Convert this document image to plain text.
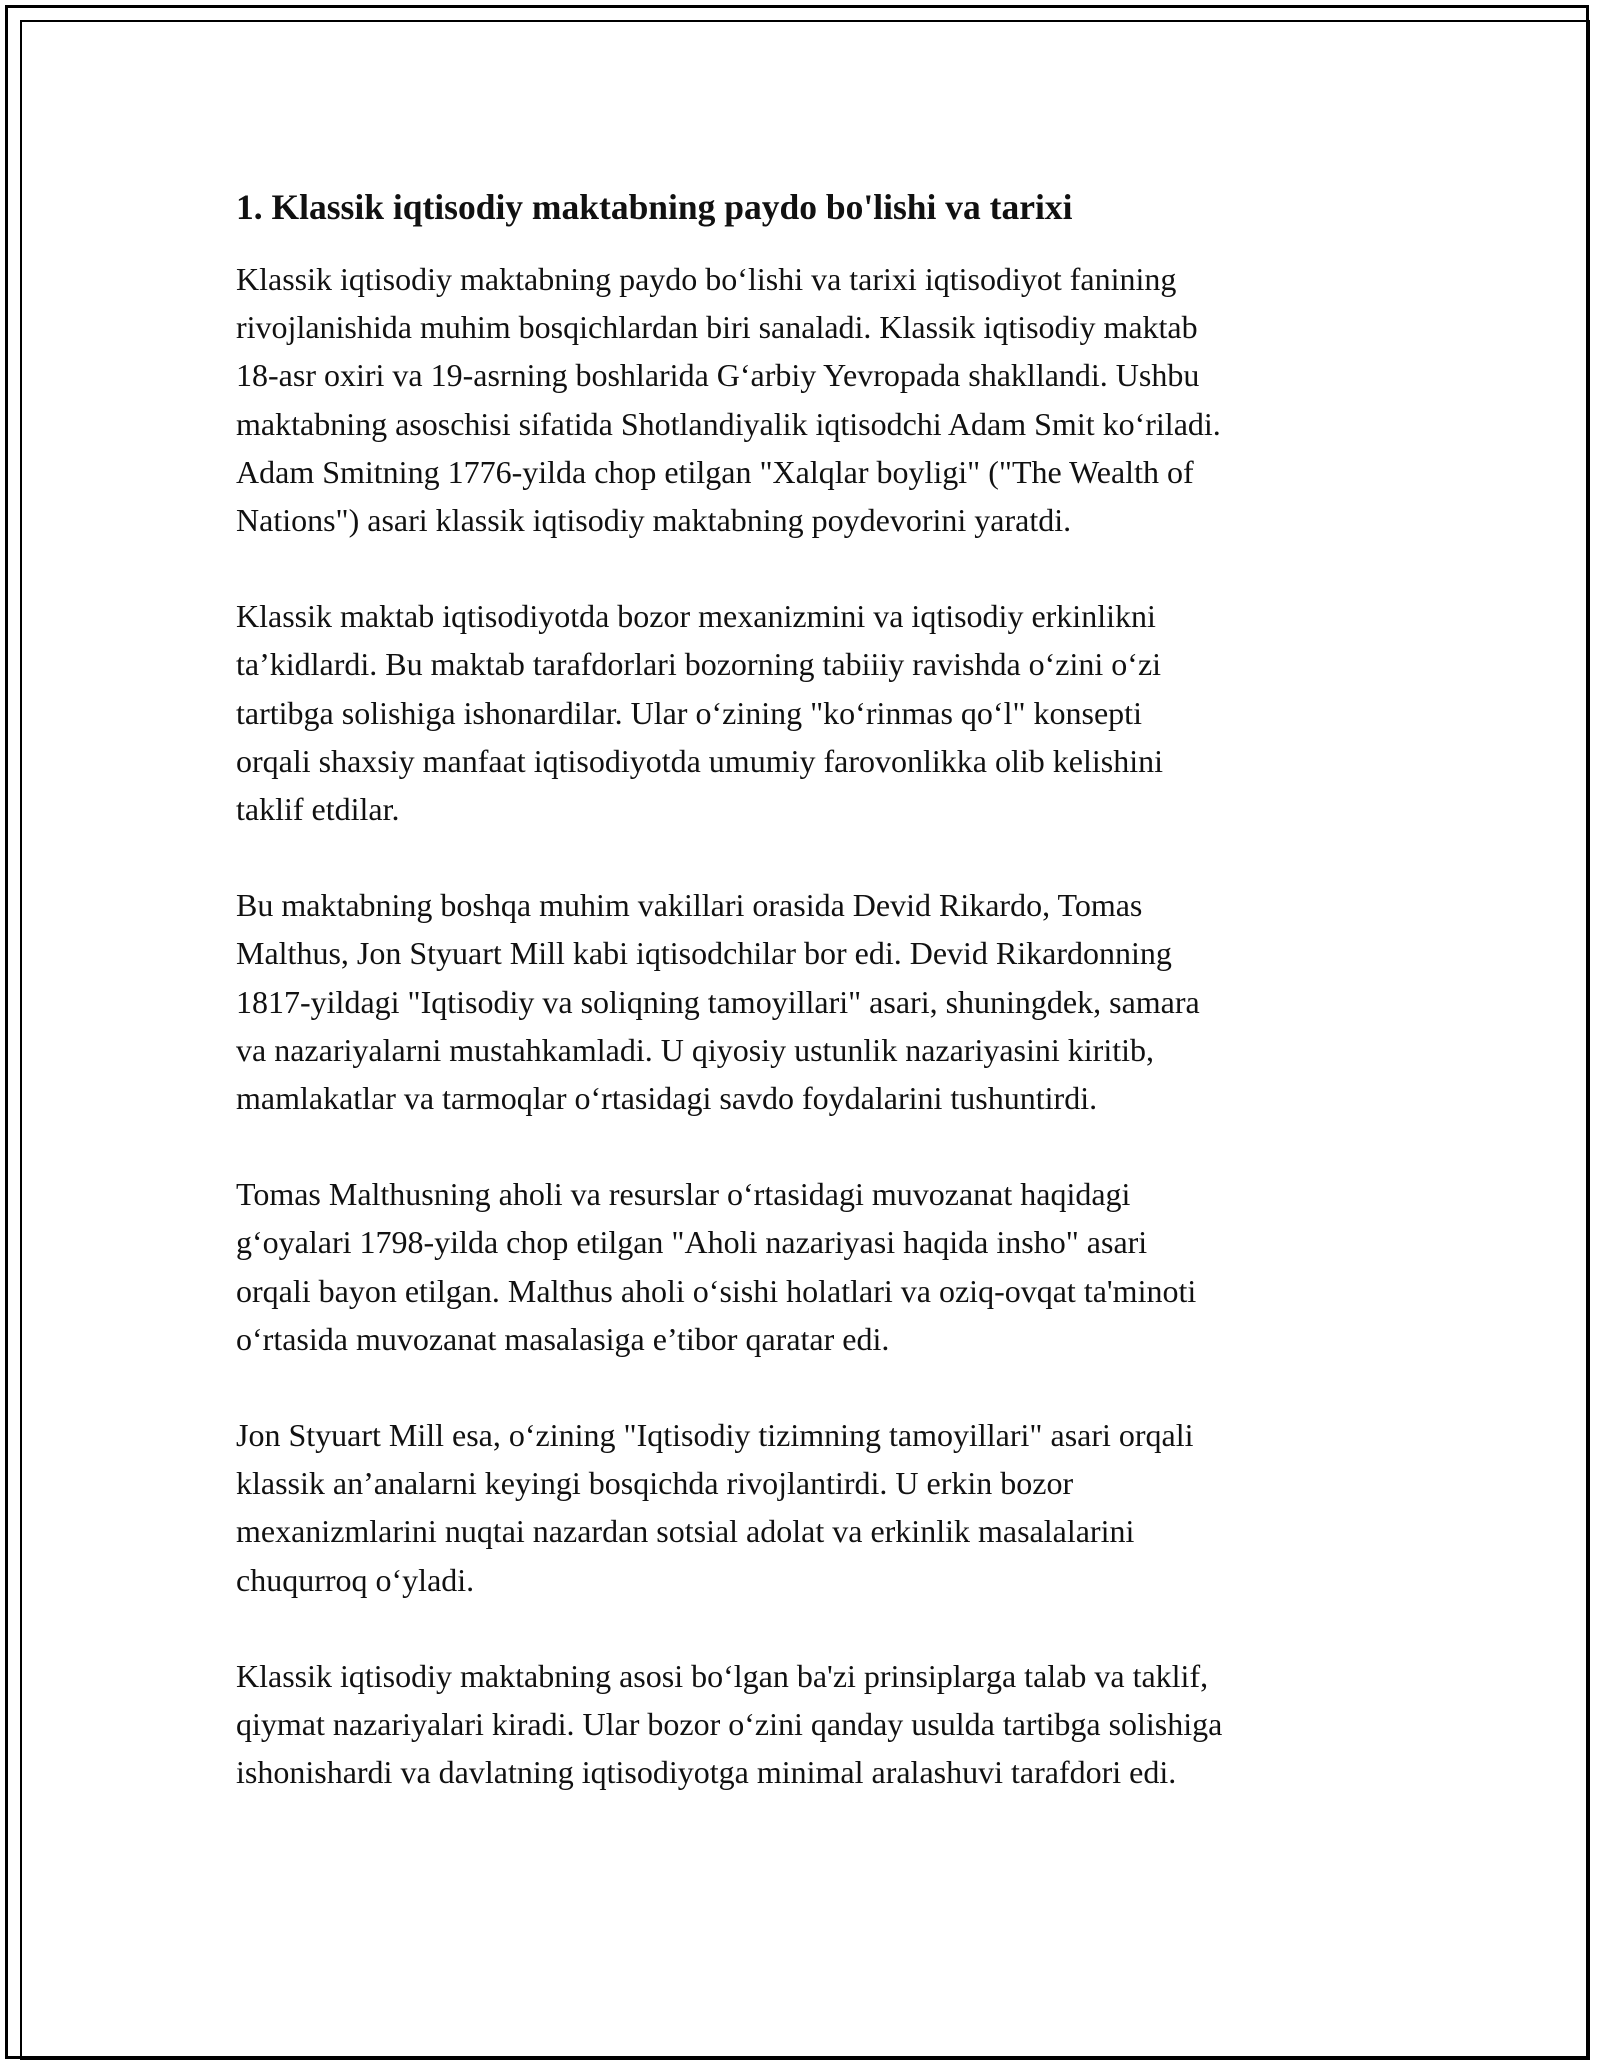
1. Klassik iqtisodiy maktabning paydo bo'lishi va tarixi

Klassik iqtisodiy maktabning paydo bo‘lishi va tarixi iqtisodiyot fanining
rivojlanishida muhim bosqichlardan biri sanaladi. Klassik iqtisodiy maktab
18-asr oxiri va 19-asrning boshlarida G‘arbiy Yevropada shakllandi. Ushbu
maktabning asoschisi sifatida Shotlandiyalik iqtisodchi Adam Smit ko‘riladi.
Adam Smitning 1776-yilda chop etilgan "Xalqlar boyligi" ("The Wealth of
Nations") asari klassik iqtisodiy maktabning poydevorini yaratdi.

Klassik maktab iqtisodiyotda bozor mexanizmini va iqtisodiy erkinlikni
ta’kidlardi. Bu maktab tarafdorlari bozorning tabiiiy ravishda o‘zini o‘zi
tartibga solishiga ishonardilar. Ular o‘zining "ko‘rinmas qo‘l" konsepti
orqali shaxsiy manfaat iqtisodiyotda umumiy farovonlikka olib kelishini
taklif etdilar.

Bu maktabning boshqa muhim vakillari orasida Devid Rikardo, Tomas
Malthus, Jon Styuart Mill kabi iqtisodchilar bor edi. Devid Rikardonning
1817-yildagi "Iqtisodiy va soliqning tamoyillari" asari, shuningdek, samara
va nazariyalarni mustahkamladi. U qiyosiy ustunlik nazariyasini kiritib,
mamlakatlar va tarmoqlar o‘rtasidagi savdo foydalarini tushuntirdi.

Tomas Malthusning aholi va resurslar o‘rtasidagi muvozanat haqidagi
g‘oyalari 1798-yilda chop etilgan "Aholi nazariyasi haqida insho" asari
orqali bayon etilgan. Malthus aholi o‘sishi holatlari va oziq-ovqat ta'minoti
o‘rtasida muvozanat masalasiga e’tibor qaratar edi.

Jon Styuart Mill esa, o‘zining "Iqtisodiy tizimning tamoyillari" asari orqali
klassik an’analarni keyingi bosqichda rivojlantirdi. U erkin bozor
mexanizmlarini nuqtai nazardan sotsial adolat va erkinlik masalalarini
chuqurroq o‘yladi.

Klassik iqtisodiy maktabning asosi bo‘lgan ba'zi prinsiplarga talab va taklif,
qiymat nazariyalari kiradi. Ular bozor o‘zini qanday usulda tartibga solishiga
ishonishardi va davlatning iqtisodiyotga minimal aralashuvi tarafdori edi.
